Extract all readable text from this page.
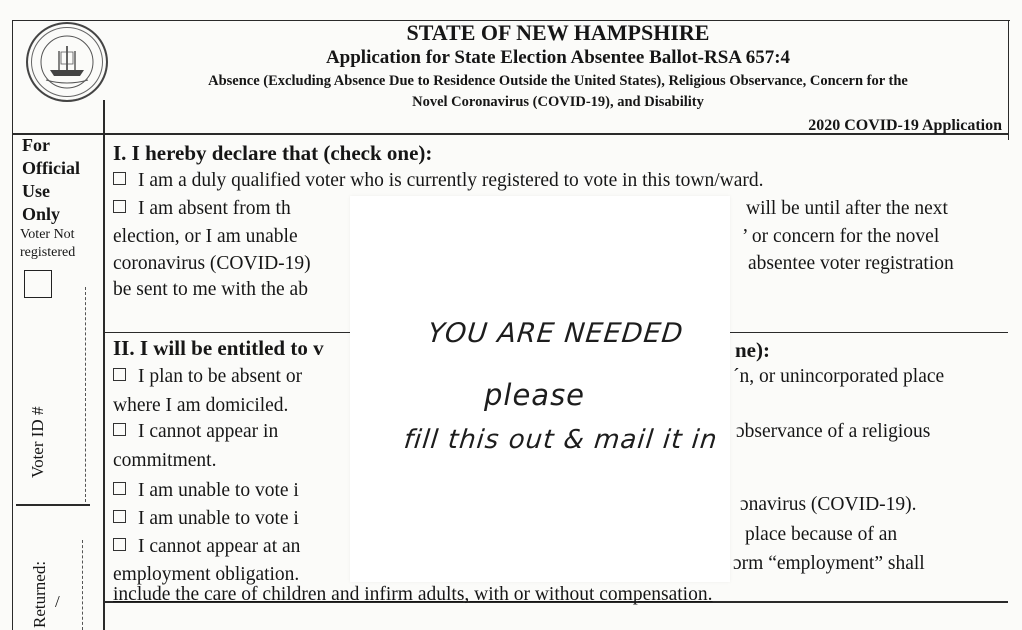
STATE OF NEW HAMPSHIRE
Application for State Election Absentee Ballot-RSA 657:4
Absence (Excluding Absence Due to Residence Outside the United States), Religious Observance, Concern for the
Novel Coronavirus (COVID-19), and Disability
2020 COVID-19 Application
For
Official
Use
Only
Voter Not
registered
Voter ID #
Returned: /
I. I hereby declare that (check one):
I am a duly qualified voter who is currently registered to vote in this town/ward.
I am absent from th	will be until after the next
election, or I am unable	’ or concern for the novel
coronavirus (COVID-19)	absentee voter registration
be sent to me with the ab
II. I will be entitled to v	ne):
I plan to be absent or	´n, or unincorporated place
where I am domiciled.
I cannot appear in	ɔbservance of a religious
commitment.
I am unable to vote i
ɔnavirus (COVID-19).
I am unable to vote i
place because of an
I cannot appear at an
ɔrm “employment” shall
employment obligation.
include the care of children and infirm adults, with or without compensation.
YOU ARE NEEDED
please
fill this out & mail it in
